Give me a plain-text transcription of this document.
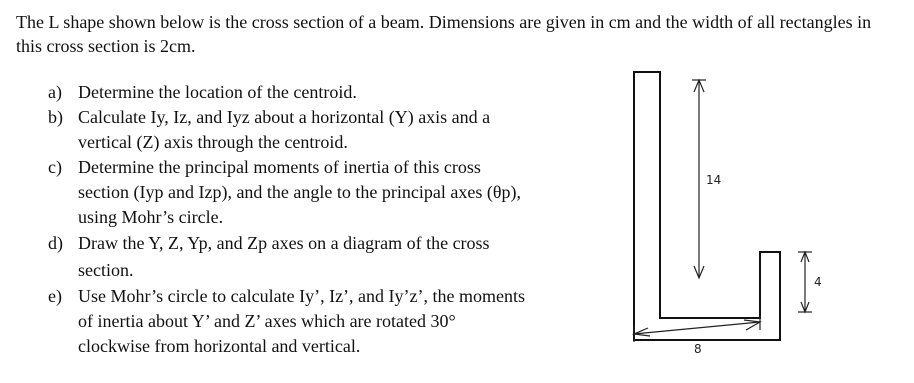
The L shape shown below is the cross section of a beam. Dimensions are given in cm and the width of all rectangles in this cross section is 2cm.
a) Determine the location of the centroid.
b) Calculate Iy, Iz, and Iyz about a horizontal (Y) axis and a vertical (Z) axis through the centroid.
c) Determine the principal moments of inertia of this cross section (Iyp and Izp), and the angle to the principal axes (θp), using Mohr’s circle.
d) Draw the Y, Z, Yp, and Zp axes on a diagram of the cross section.
e) Use Mohr’s circle to calculate Iy’, Iz’, and Iy’z’, the moments of inertia about Y’ and Z’ axes which are rotated 30° clockwise from horizontal and vertical.
14
4
8
